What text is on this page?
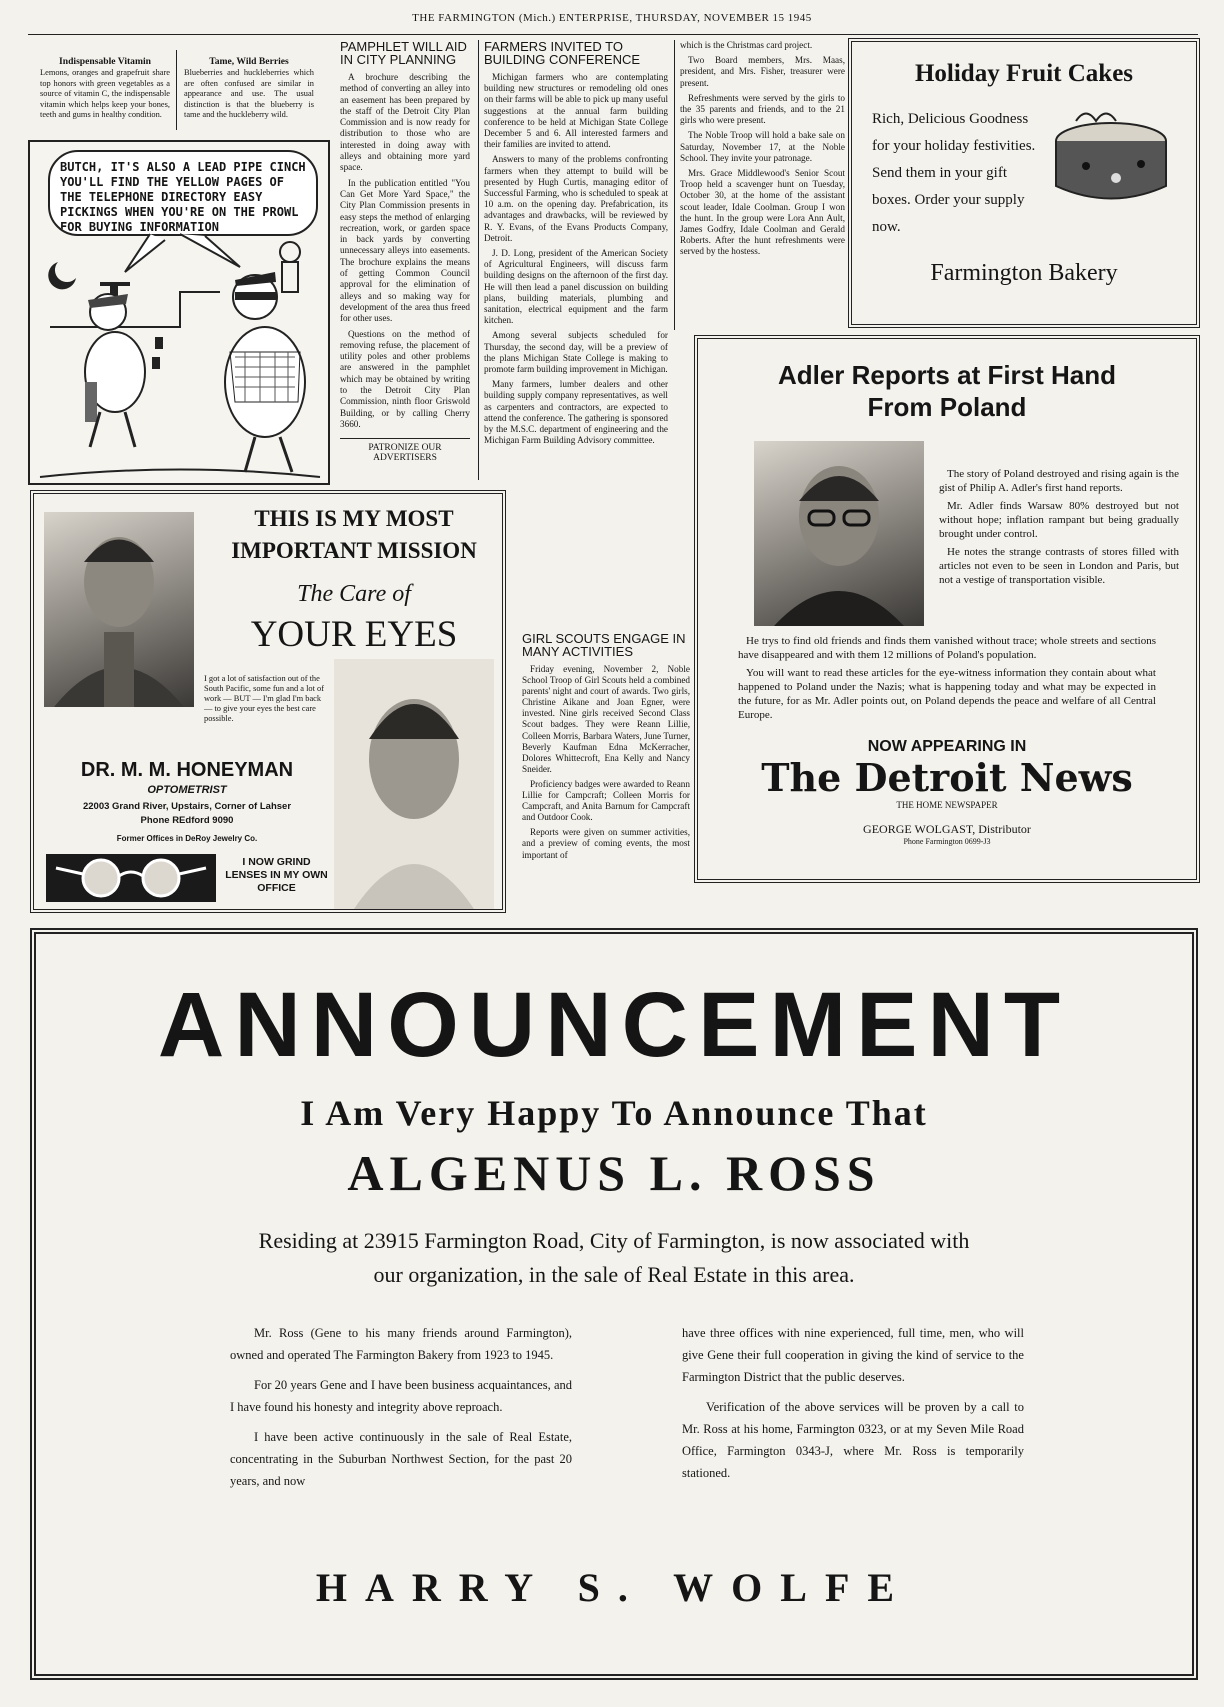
THE FARMINGTON (Mich.) ENTERPRISE, THURSDAY, NOVEMBER 15 1945
Indispensable Vitamin
Lemons, oranges and grapefruit share top honors with green vegetables as a source of vitamin C, the indispensable vitamin which helps keep your bones, teeth and gums in healthy condition.
Tame, Wild Berries
Blueberries and huckleberries which are often confused are similar in appearance and use. The usual distinction is that the blueberry is tame and the huckleberry wild.
BUTCH, IT'S ALSO A LEAD PIPE CINCH YOU'LL FIND THE YELLOW PAGES OF THE TELEPHONE DIRECTORY EASY PICKINGS WHEN YOU'RE ON THE PROWL FOR BUYING INFORMATION
PAMPHLET WILL AID IN CITY PLANNING

A brochure describing the method of converting an alley into an easement has been prepared by the staff of the Detroit City Plan Commission and is now ready for distribution to those who are interested in doing away with alleys and obtaining more yard space.

In the publication entitled "You Can Get More Yard Space," the City Plan Commission presents in easy steps the method of enlarging recreation, work, or garden space in back yards by converting unnecessary alleys into easements. The brochure explains the means of getting Common Council approval for the elimination of alleys and so making way for development of the area thus freed for other uses.

Questions on the method of removing refuse, the placement of utility poles and other problems are answered in the pamphlet which may be obtained by writing to the Detroit City Plan Commission, ninth floor Griswold Building, or by calling Cherry 3660.

PATRONIZE OUR ADVERTISERS
FARMERS INVITED TO BUILDING CONFERENCE

Michigan farmers who are contemplating building new structures or remodeling old ones on their farms will be able to pick up many useful suggestions at the annual farm building conference to be held at Michigan State College December 5 and 6. All interested farmers and their families are invited to attend.

Answers to many of the problems confronting farmers when they attempt to build will be presented by Hugh Curtis, managing editor of Successful Farming, who is scheduled to speak at 10 a.m. on the opening day. Prefabrication, its advantages and drawbacks, will be reviewed by R. Y. Evans, of the Evans Products Company, Detroit.

J. D. Long, president of the American Society of Agricultural Engineers, will discuss farm building designs on the afternoon of the first day. He will then lead a panel discussion on building plans, building materials, plumbing and sanitation, electrical equipment and the farm kitchen.

Among several subjects scheduled for Thursday, the second day, will be a preview of the plans Michigan State College is making to promote farm building improvement in Michigan.

Many farmers, lumber dealers and other building supply company representatives, as well as carpenters and contractors, are expected to attend the conference. The gathering is sponsored by the M.S.C. department of engineering and the Michigan Farm Building Advisory committee.

which is the Christmas card project.

Two Board members, Mrs. Maas, president, and Mrs. Fisher, treasurer were present.

Refreshments were served by the girls to the 35 parents and friends, and to the 21 girls who were present.

The Noble Troop will hold a bake sale on Saturday, November 17, at the Noble School. They invite your patronage.

Mrs. Grace Middlewood's Senior Scout Troop held a scavenger hunt on Tuesday, October 30, at the home of the assistant scout leader, Idale Coolman. Group I won the hunt. In the group were Lora Ann Ault, James Godfry, Idale Coolman and Gerald Roberts. After the hunt refreshments were served by the hostess.

Holiday Fruit Cakes
Rich, Delicious Goodness for your holiday festivities. Send them in your gift boxes. Order your supply now.
Farmington Bakery
Adler Reports at First Hand
From Poland

The story of Poland destroyed and rising again is the gist of Philip A. Adler's first hand reports.

Mr. Adler finds Warsaw 80% destroyed but not without hope; inflation rampant but being gradually brought under control.

He notes the strange contrasts of stores filled with articles not even to be seen in London and Paris, but not a vestige of transportation visible.

He trys to find old friends and finds them vanished without trace; whole streets and sections have disappeared and with them 12 millions of Poland's population.

You will want to read these articles for the eye-witness information they contain about what happened to Poland under the Nazis; what is happening today and what may be expected in the future, for as Mr. Adler points out, on Poland depends the peace and welfare of all Central Europe.

NOW APPEARING IN
The Detroit News
THE HOME NEWSPAPER
GEORGE WOLGAST, Distributor
Phone Farmington 0699-J3
THIS IS MY MOST
IMPORTANT MISSION
The Care of
YOUR EYES
I got a lot of satisfaction out of the South Pacific, some fun and a lot of work — BUT — I'm glad I'm back — to give your eyes the best care possible.
DR. M. M. HONEYMAN
OPTOMETRIST
22003 Grand River, Upstairs, Corner of Lahser
Phone REdford 9090
Former Offices in DeRoy Jewelry Co.
I NOW GRIND LENSES IN MY OWN OFFICE
GIRL SCOUTS ENGAGE IN MANY ACTIVITIES

Friday evening, November 2, Noble School Troop of Girl Scouts held a combined parents' night and court of awards. Two girls, Christine Aikane and Joan Egner, were invested. Nine girls received Second Class Scout badges. They were Reann Lillie, Colleen Morris, Barbara Waters, June Turner, Beverly Kaufman Edna McKerracher, Dolores Whittecroft, Ena Kelly and Nancy Sneider.

Proficiency badges were awarded to Reann Lillie for Campcraft; Colleen Morris for Campcraft, and Anita Barnum for Campcraft and Outdoor Cook.

Reports were given on summer activities, and a preview of coming events, the most important of

ANNOUNCEMENT
I Am Very Happy To Announce That
ALGENUS L. ROSS
Residing at 23915 Farmington Road, City of Farmington, is now associated with
our organization, in the sale of Real Estate in this area.

Mr. Ross (Gene to his many friends around Farmington), owned and operated The Farmington Bakery from 1923 to 1945.

For 20 years Gene and I have been business acquaintances, and I have found his honesty and integrity above reproach.

I have been active continuously in the sale of Real Estate, concentrating in the Suburban Northwest Section, for the past 20 years, and now

have three offices with nine experienced, full time, men, who will give Gene their full cooperation in giving the kind of service to the Farmington District that the public deserves.

Verification of the above services will be proven by a call to Mr. Ross at his home, Farmington 0323, or at my Seven Mile Road Office, Farmington 0343-J, where Mr. Ross is temporarily stationed.

HARRY S. WOLFE
